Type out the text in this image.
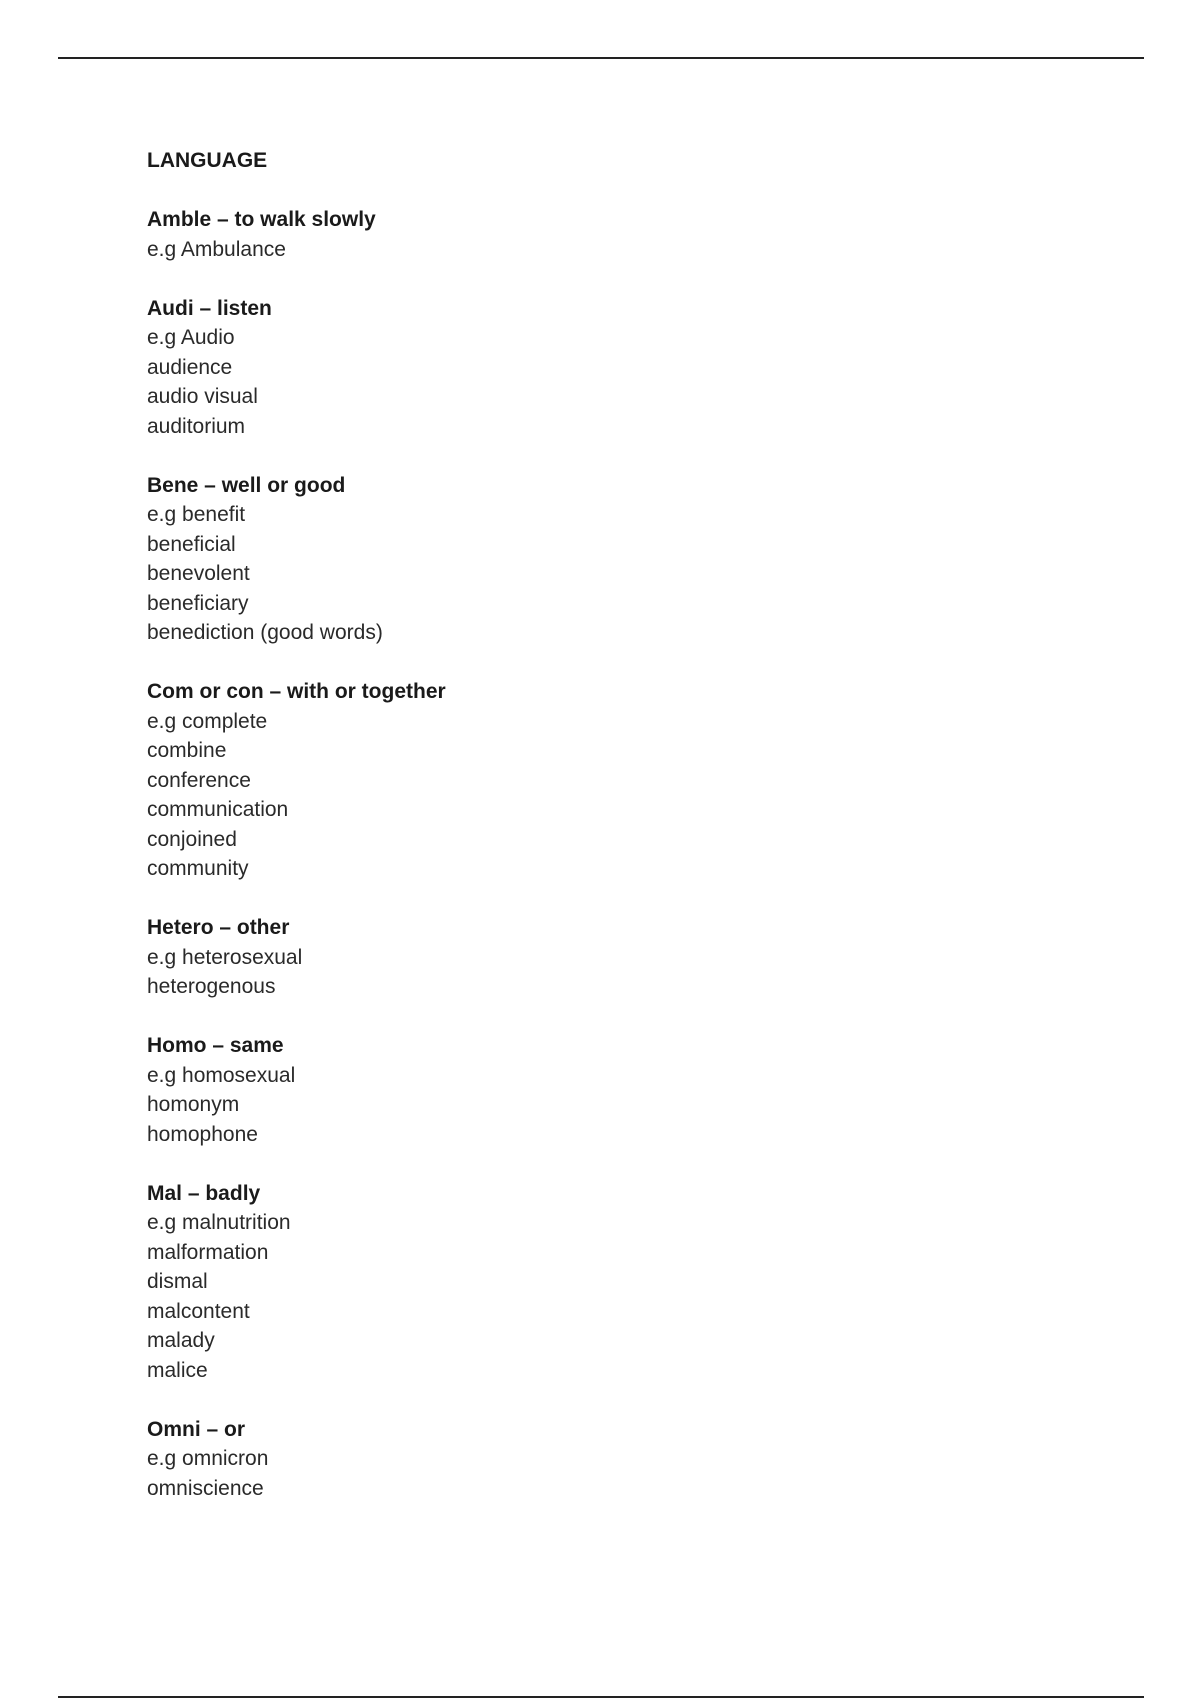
LANGUAGE
Amble – to walk slowly
e.g Ambulance
Audi – listen
e.g Audio
audience
audio visual
auditorium
Bene – well or good
e.g benefit
beneficial
benevolent
beneficiary
benediction (good words)
Com or con – with or together
e.g complete
combine
conference
communication
conjoined
community
Hetero – other
e.g heterosexual
heterogenous
Homo – same
e.g homosexual
homonym
homophone
Mal – badly
e.g malnutrition
malformation
dismal
malcontent
malady
malice
Omni – or
e.g omnicron
omniscience
